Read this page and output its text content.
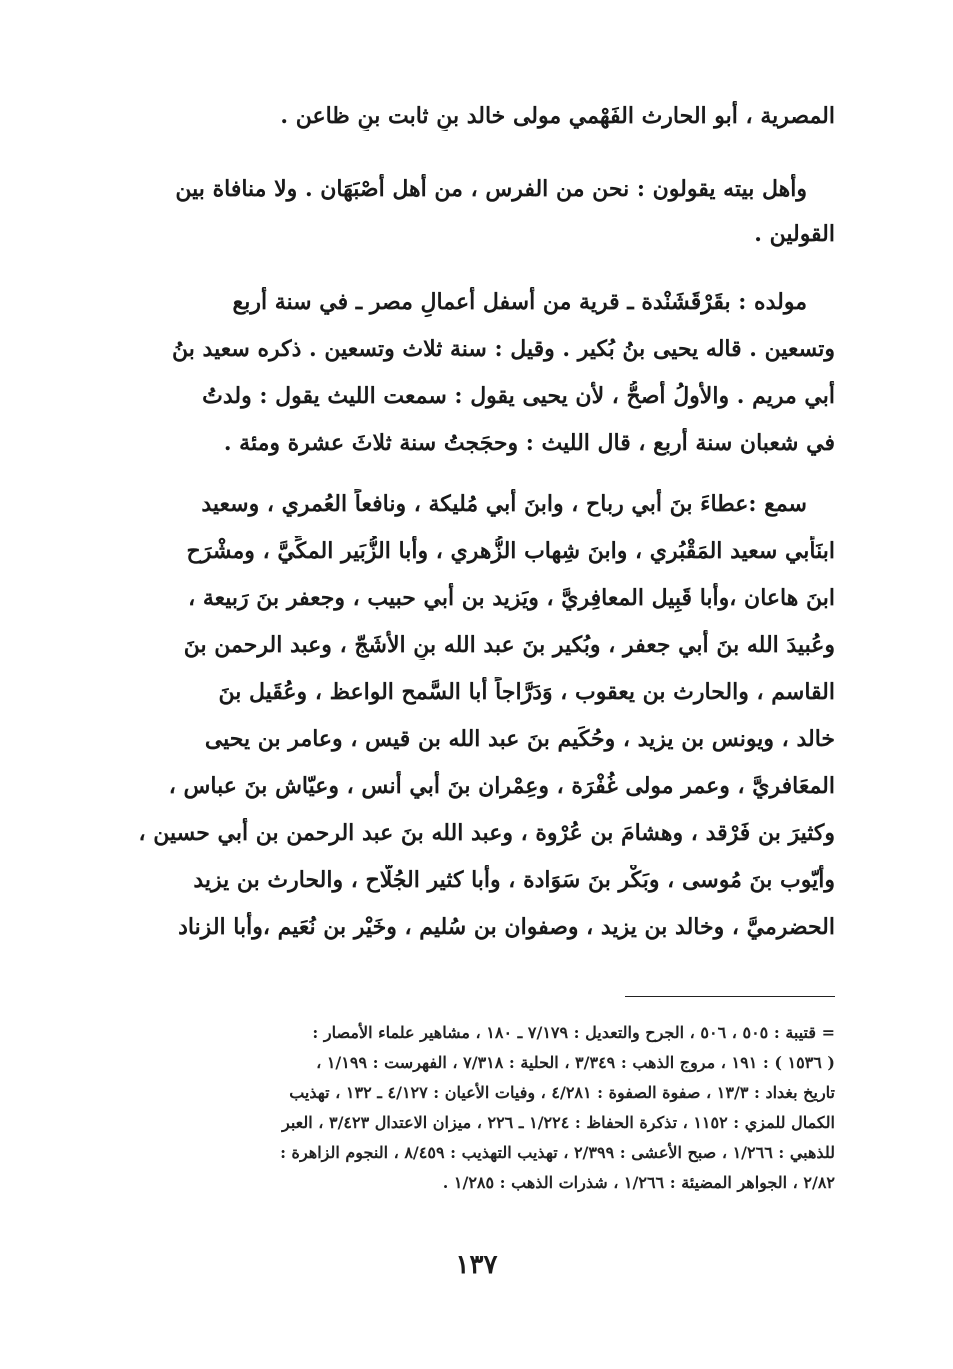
المصرية ، أبو الحارث الفَهْمي مولى خالد بنِ ثابت بنِ ظاعن .
وأهل بيته يقولون : نحن من الفرس ، من أهل أصْبَهَان . ولا منافاة بين
القولين .
مولده : بقَرْقَشَنْدة ـ قرية من أسفل أعمالِ مصر ـ في سنة أربع
وتسعين . قاله يحيى بنُ بُكير . وقيل : سنة ثلاث وتسعين . ذكره سعيد بنُ
أبي مريم . والأولُ أصحُّ ، لأن يحيى يقول : سمعت الليث يقول : ولدتُ
في شعبان سنة أربع ، قال الليث : وحجَجتُ سنة ثلاثَ عشرة ومئة .
سمع :عطاءَ بنَ أبي رباح ، وابنَ أبي مُليكة ، ونافعاً العُمري ، وسعيد
ابنَأبي سعيد المَقْبُري ، وابنَ شِهاب الزُّهري ، وأبا الزُّبَير المكِّيَّ ، ومشْرَح
ابنَ هاعان ،وأبا قَبِيل المعافِريَّ ، ويَزيد بن أبي حبيب ، وجعفر بنَ رَبيعة ،
وعُبيدَ الله بنَ أبي جعفر ، وبُكير بنَ عبد الله بنِ الأشَجّ ، وعبد الرحمن بنَ
القاسم ، والحارث بن يعقوب ، وَدَرَّاجاً أبا السَّمح الواعظ ، وعُقَيل بنَ
خالد ، ويونس بن يزيد ، وحُكَيم بنَ عبد الله بن قيس ، وعامر بن يحيى
المعَافريَّ ، وعمر مولى غُفْرَة ، وعِمْران بنَ أبي أنس ، وعيّاش بنَ عباس ،
وكثيرَ بن فَرْقد ، وهشامَ بن عُرْوة ، وعبد الله بنَ عبد الرحمن بن أبي حسين ،
وأيّوب بنَ مُوسى ، وبَكْر بنَ سَوَادة ، وأبا كثير الجُلَّاح ، والحارث بن يزيد
الحضرميَّ ، وخالد بن يزيد ، وصفوان بن سُليم ، وخَيْر بن نُعَيم ،وأبا الزناد
= قتيبة : ٥٠٥ ، ٥٠٦ ، الجرح والتعديل : ٧/١٧٩ ـ ١٨٠ ، مشاهير علماء الأمصار :
( ١٥٣٦ ) : ١٩١ ، مروج الذهب : ٣/٣٤٩ ، الحلية : ٧/٣١٨ ، الفهرست : ١/١٩٩ ،
تاريخ بغداد : ١٣/٣ ، صفوة الصفوة : ٤/٢٨١ ، وفيات الأعيان : ٤/١٢٧ ـ ١٣٢ ، تهذيب
الكمال للمزي : ١١٥٢ ، تذكرة الحفاظ : ١/٢٢٤ ـ ٢٢٦ ، ميزان الاعتدال ٣/٤٢٣ ، العبر
للذهبي : ١/٢٦٦ ، صبح الأعشى : ٢/٣٩٩ ، تهذيب التهذيب : ٨/٤٥٩ ، النجوم الزاهرة :
٢/٨٢ ، الجواهر المضيئة : ١/٢٦٦ ، شذرات الذهب : ١/٢٨٥ .
١٣٧
